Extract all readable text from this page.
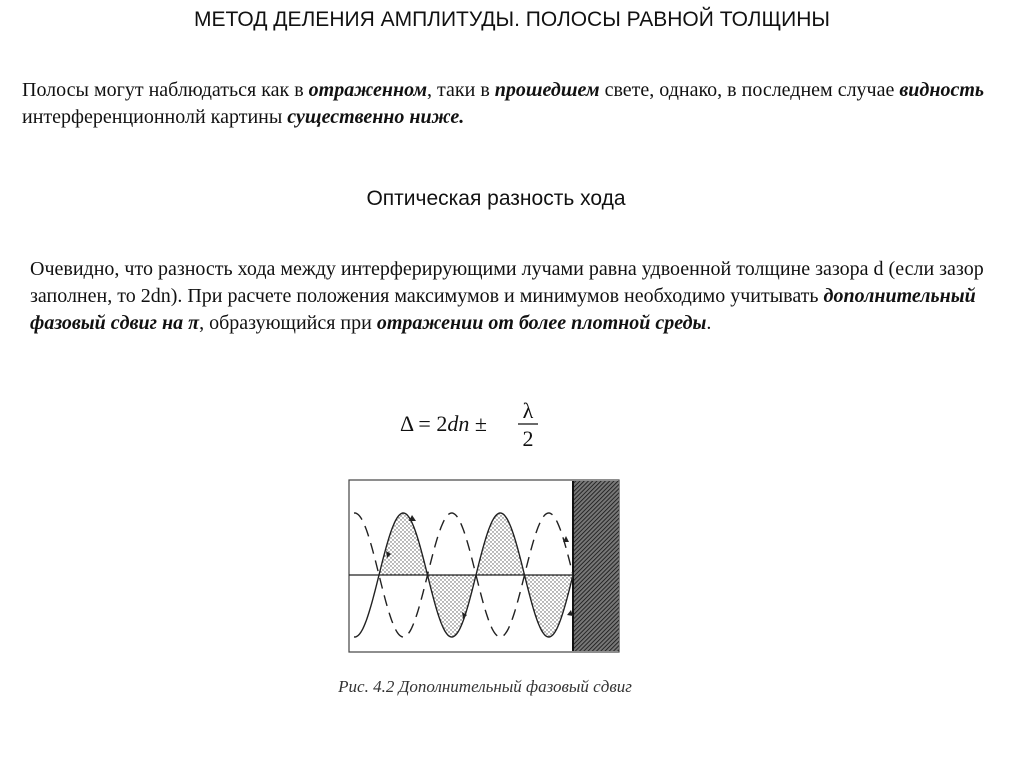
МЕТОД ДЕЛЕНИЯ АМПЛИТУДЫ. ПОЛОСЫ РАВНОЙ ТОЛЩИНЫ
Полосы могут наблюдаться как в отраженном, таки в прошедшем свете, однако, в последнем случае видность интерференционнолй картины существенно ниже.
Оптическая разность хода
Очевидно, что разность хода между интерферирующими лучами равна удвоенной толщине зазора d (если зазор заполнен, то 2dn). При расчете положения максимумов и минимумов необходимо учитывать дополнительный фазовый сдвиг на π, образующийся при отражении от более плотной среды.
Δ = 2dn ±
λ
2
Рис. 4.2 Дополнительный фазовый сдвиг
